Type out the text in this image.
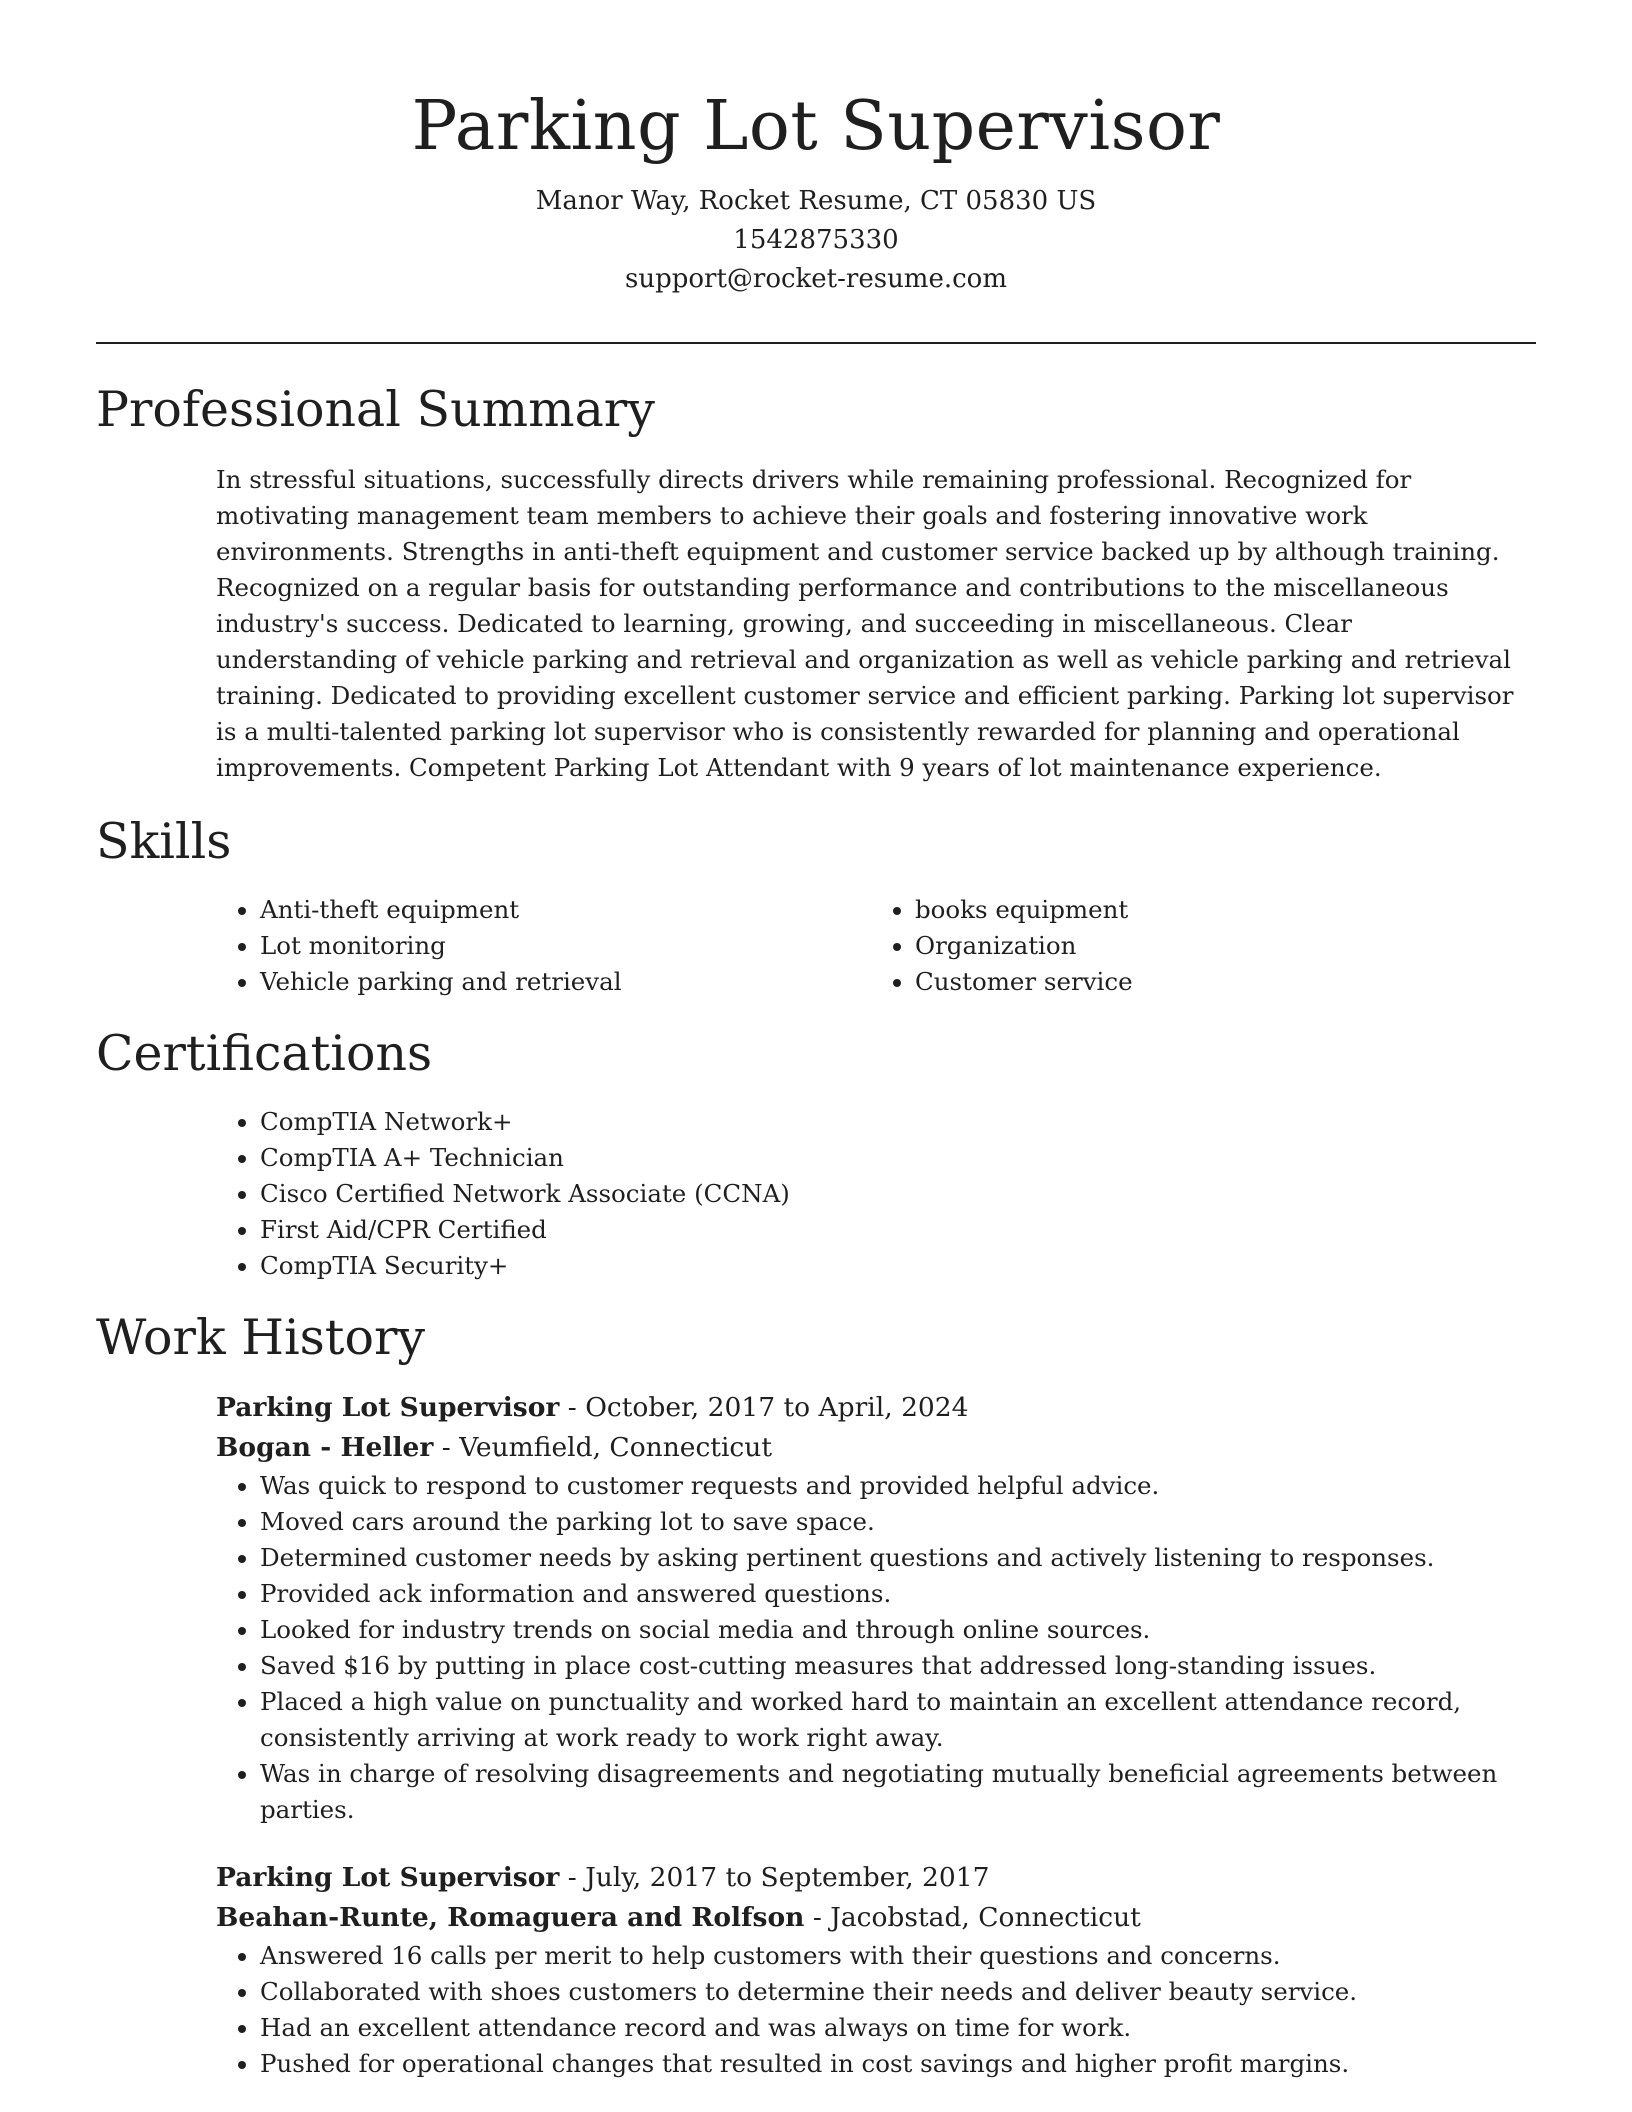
Parking Lot Supervisor
Manor Way, Rocket Resume, CT 05830 US
1542875330
support@rocket-resume.com
Professional Summary

In stressful situations, successfully directs drivers while remaining professional. Recognized for motivating management team members to achieve their goals and fostering innovative work environments. Strengths in anti-theft equipment and customer service backed up by although training. Recognized on a regular basis for outstanding performance and contributions to the miscellaneous industry's success. Dedicated to learning, growing, and succeeding in miscellaneous. Clear understanding of vehicle parking and retrieval and organization as well as vehicle parking and retrieval training. Dedicated to providing excellent customer service and efficient parking. Parking lot supervisor is a multi-talented parking lot supervisor who is consistently rewarded for planning and operational improvements. Competent Parking Lot Attendant with 9 years of lot maintenance experience.

Skills
• Anti-theft equipment
• Lot monitoring
• Vehicle parking and retrieval
• books equipment
• Organization
• Customer service
Certifications
• CompTIA Network+
• CompTIA A+ Technician
• Cisco Certified Network Associate (CCNA)
• First Aid/CPR Certified
• CompTIA Security+
Work History
Parking Lot Supervisor - October, 2017 to April, 2024
Bogan - Heller - Veumfield, Connecticut
• Was quick to respond to customer requests and provided helpful advice.
• Moved cars around the parking lot to save space.
• Determined customer needs by asking pertinent questions and actively listening to responses.
• Provided ack information and answered questions.
• Looked for industry trends on social media and through online sources.
• Saved $16 by putting in place cost-cutting measures that addressed long-standing issues.
• Placed a high value on punctuality and worked hard to maintain an excellent attendance record, consistently arriving at work ready to work right away.
• Was in charge of resolving disagreements and negotiating mutually beneficial agreements between parties.
Parking Lot Supervisor - July, 2017 to September, 2017
Beahan-Runte, Romaguera and Rolfson - Jacobstad, Connecticut
• Answered 16 calls per merit to help customers with their questions and concerns.
• Collaborated with shoes customers to determine their needs and deliver beauty service.
• Had an excellent attendance record and was always on time for work.
• Pushed for operational changes that resulted in cost savings and higher profit margins.
